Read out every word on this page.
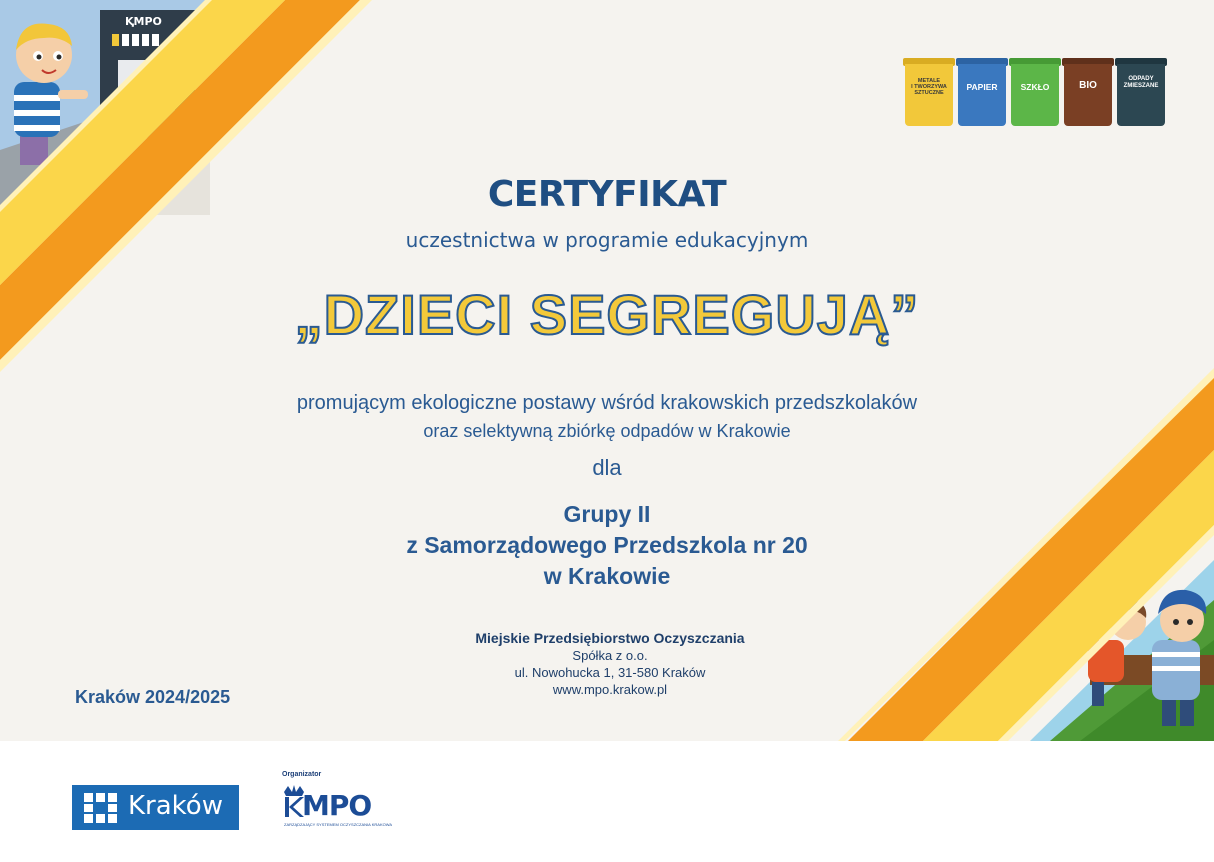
ⱩMPO
METALE
I TWORZYWA
SZTUCZNE
PAPIER	SZKŁO	BIO
ODPADY
ZMIESZANE
CERTYFIKAT
uczestnictwa w programie edukacyjnym
„DZIECI SEGREGUJĄ”
promującym ekologiczne postawy wśród krakowskich przedszkolaków
oraz selektywną zbiórkę odpadów w Krakowie
dla
Grupy II
z Samorządowego Przedszkola nr 20
w Krakowie
Miejskie Przedsiębiorstwo Oczyszczania
Spółka z o.o.
ul. Nowohucka 1, 31-580 Kraków
www.mpo.krakow.pl
Kraków 2024/2025
Kraków
Organizator
MPO
ZARZĄDZAJĄCY SYSTEMEM OCZYSZCZANIA KRAKOWA
